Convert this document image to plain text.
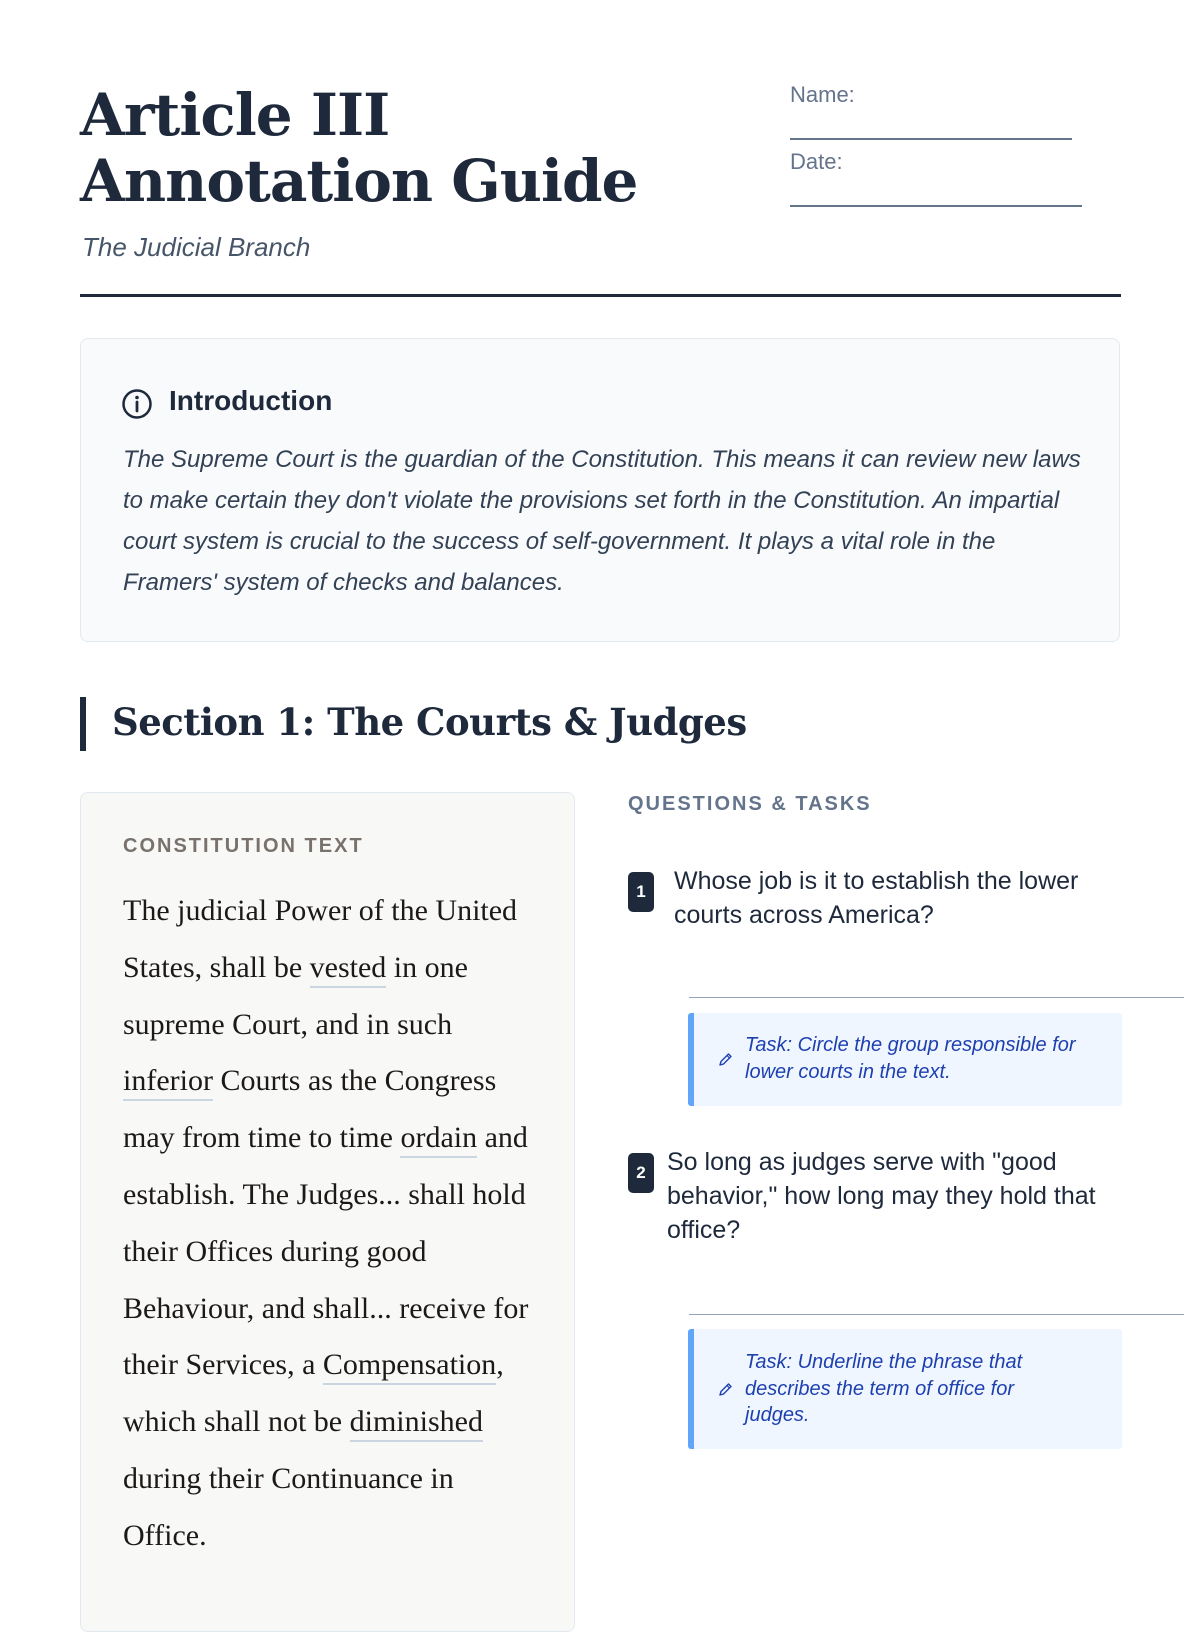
Article III Annotation Guide
The Judicial Branch
Name:
Date:
Introduction

The Supreme Court is the guardian of the Constitution. This means it can review new laws to make certain they don't violate the provisions set forth in the Constitution. An impartial court system is crucial to the success of self-government. It plays a vital role in the Framers' system of checks and balances.

Section 1: The Courts & Judges
CONSTITUTION TEXT

The judicial Power of the United States, shall be vested in one supreme Court, and in such inferior Courts as the Congress may from time to time ordain and establish. The Judges... shall hold their Offices during good Behaviour, and shall... receive for their Services, a Compensation, which shall not be diminished during their Continuance in Office.

QUESTIONS & TASKS
1	Whose job is it to establish the lower courts across America?

Task: Circle the group responsible for lower courts in the text.

2 So long as judges serve with "good behavior," how long may they hold that office?

Task: Underline the phrase that describes the term of office for judges.
